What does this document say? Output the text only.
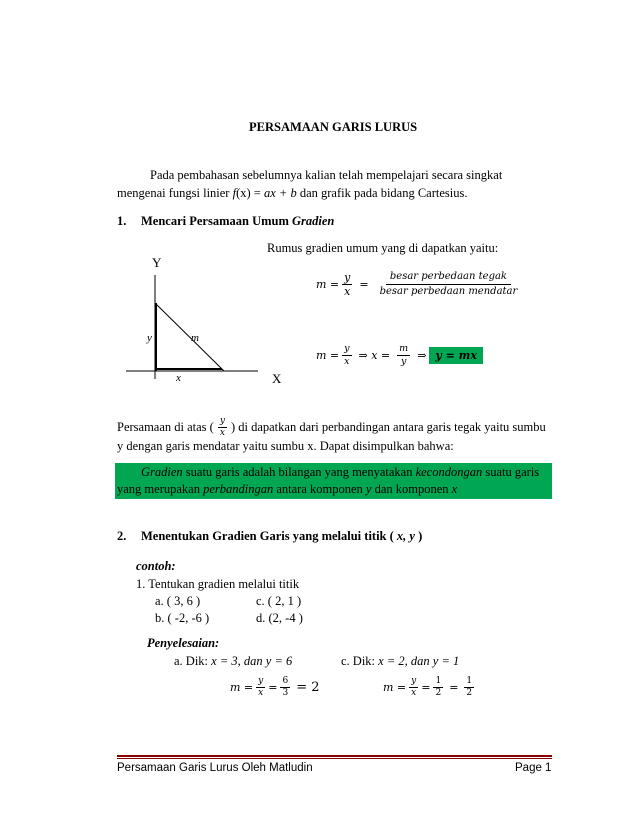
PERSAMAAN GARIS LURUS
Pada pembahasan sebelumnya kalian telah mempelajari secara singkat
mengenai fungsi linier f(x) = ax + b dan grafik pada bidang Cartesius.
1. Mencari Persamaan Umum Gradien
Rumus gradien umum yang di dapatkan yaitu:
$m = \frac{y}{x} = \frac{\text{besar perbedaan tegak}}{\text{besar perbedaan mendatar}}$
Y
X
y	m
x
$m = \frac{y}{x}$ ⇒ $x = \frac{m}{y}$ ⇒ y = mx
Persamaan di atas ( $\frac{y}{x}$ ) di dapatkan dari perbandingan antara garis tegak yaitu sumbu
y dengan garis mendatar yaitu sumbu x. Dapat disimpulkan bahwa:
Gradien suatu garis adalah bilangan yang menyatakan kecondongan suatu garis
yang merupakan perbandingan antara komponen y dan komponen x
2. Menentukan Gradien Garis yang melalui titik ( x, y )
contoh:
1. Tentukan gradien melalui titik
a. ( 3, 6 )	c. ( 2, 1 )
b. ( -2, -6 )	d. (2, -4 )
Penyelesaian:
a. Dik: x = 3, dan y = 6	c. Dik: x = 2, dan y = 1
$m = \frac{y}{x} = \frac{6}{3} = 2$	$m = \frac{y}{x} = \frac{1}{2} = \frac{1}{2}$
Persamaan Garis Lurus Oleh Matludin	Page 1
